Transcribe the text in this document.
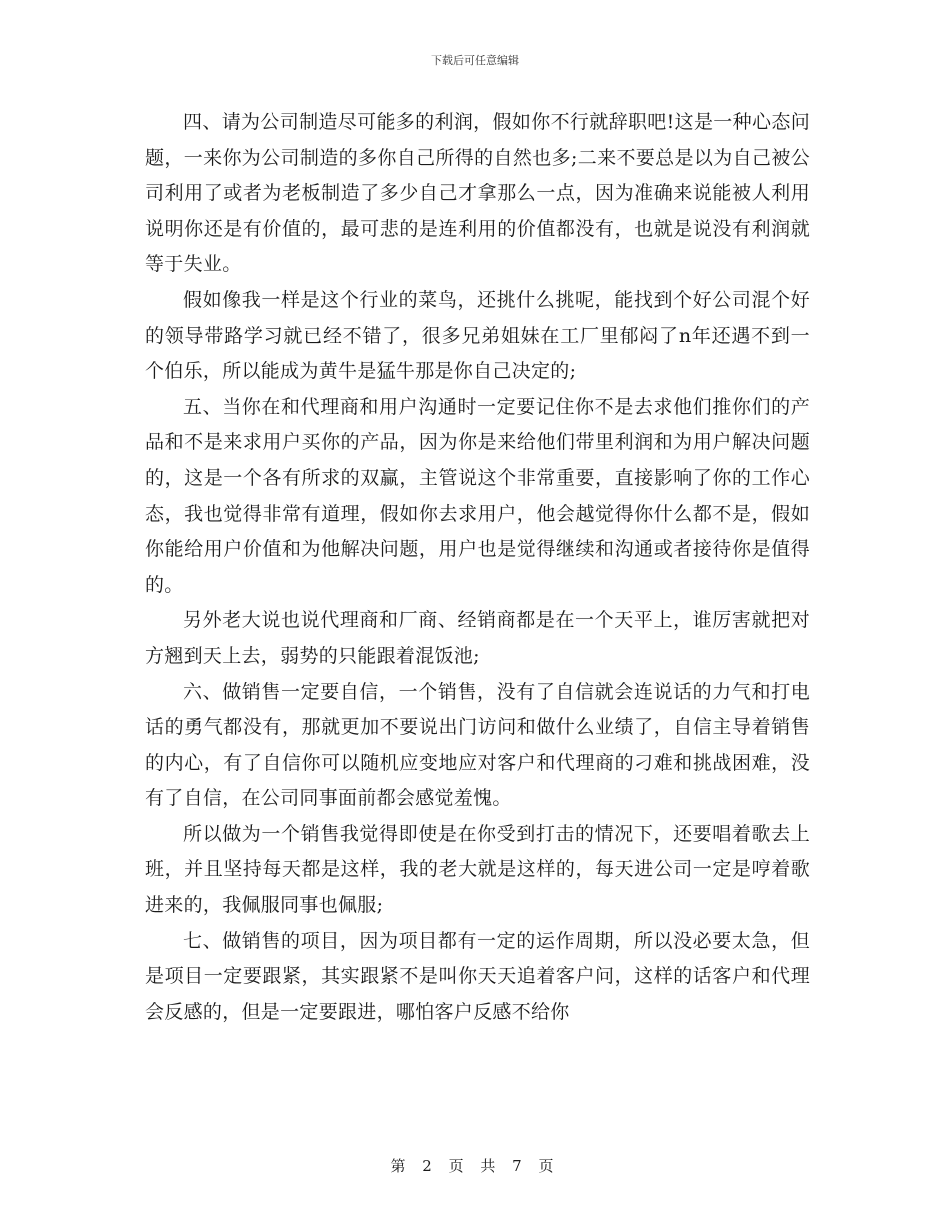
下载后可任意编辑

四、请为公司制造尽可能多的利润，假如你不行就辞职吧!这是一种心态问题，一来你为公司制造的多你自己所得的自然也多;二来不要总是以为自己被公司利用了或者为老板制造了多少自己才拿那么一点，因为准确来说能被人利用说明你还是有价值的，最可悲的是连利用的价值都没有，也就是说没有利润就等于失业。

假如像我一样是这个行业的菜鸟，还挑什么挑呢，能找到个好公司混个好的领导带路学习就已经不错了，很多兄弟姐妹在工厂里郁闷了n年还遇不到一个伯乐，所以能成为黄牛是猛牛那是你自己决定的;

五、当你在和代理商和用户沟通时一定要记住你不是去求他们推你们的产品和不是来求用户买你的产品，因为你是来给他们带里利润和为用户解决问题的，这是一个各有所求的双赢，主管说这个非常重要，直接影响了你的工作心态，我也觉得非常有道理，假如你去求用户，他会越觉得你什么都不是，假如你能给用户价值和为他解决问题，用户也是觉得继续和沟通或者接待你是值得的。

另外老大说也说代理商和厂商、经销商都是在一个天平上，谁厉害就把对方翘到天上去，弱势的只能跟着混饭池;

六、做销售一定要自信，一个销售，没有了自信就会连说话的力气和打电话的勇气都没有，那就更加不要说出门访问和做什么业绩了，自信主导着销售的内心，有了自信你可以随机应变地应对客户和代理商的刁难和挑战困难，没有了自信，在公司同事面前都会感觉羞愧。

所以做为一个销售我觉得即使是在你受到打击的情况下，还要唱着歌去上班，并且坚持每天都是这样，我的老大就是这样的，每天进公司一定是哼着歌进来的，我佩服同事也佩服;

七、做销售的项目，因为项目都有一定的运作周期，所以没必要太急，但是项目一定要跟紧，其实跟紧不是叫你天天追着客户问，这样的话客户和代理会反感的，但是一定要跟进，哪怕客户反感不给你

第 2 页 共 7 页
